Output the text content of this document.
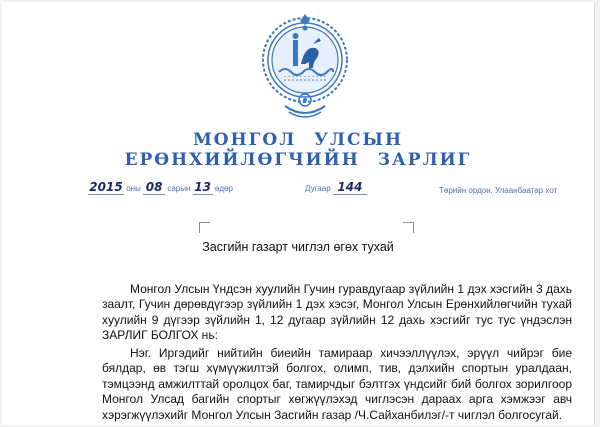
МОНГОЛ УЛСЫН
ЕРӨНХИЙЛӨГЧИЙН ЗАРЛИГ
2015 оны 08 сарын 13 өдөр	Дугаар 144	Төрийн ордон, Улаанбаатар хот
Засгийн газарт чиглэл өгөх тухай
Монгол Улсын Үндсэн хуулийн Гучин гуравдугаар зүйлийн 1 дэх хэсгийн 3 дахь заалт, Гучин дөрөвдүгээр зүйлийн 1 дэх хэсэг, Монгол Улсын Ерөнхийлөгчийн тухай хуулийн 9 дүгээр зүйлийн 1, 12 дугаар зүйлийн 12 дахь хэсгийг тус тус үндэслэн ЗАРЛИГ БОЛГОХ нь:
Нэг. Иргэдийг нийтийн биеийн тамираар хичээллүүлэх, эрүүл чийрэг бие бялдар, өв тэгш хүмүүжилтэй болгох, олимп, тив, дэлхийн спортын уралдаан, тэмцээнд амжилттай оролцох баг, тамирчдыг бэлтгэх үндсийг бий болгох зорилгоор Монгол Улсад багийн спортыг хөгжүүлэхэд чиглэсэн дараах арга хэмжээг авч хэрэгжүүлэхийг Монгол Улсын Засгийн газар /Ч.Сайханбилэг/-т чиглэл болгосугай.
